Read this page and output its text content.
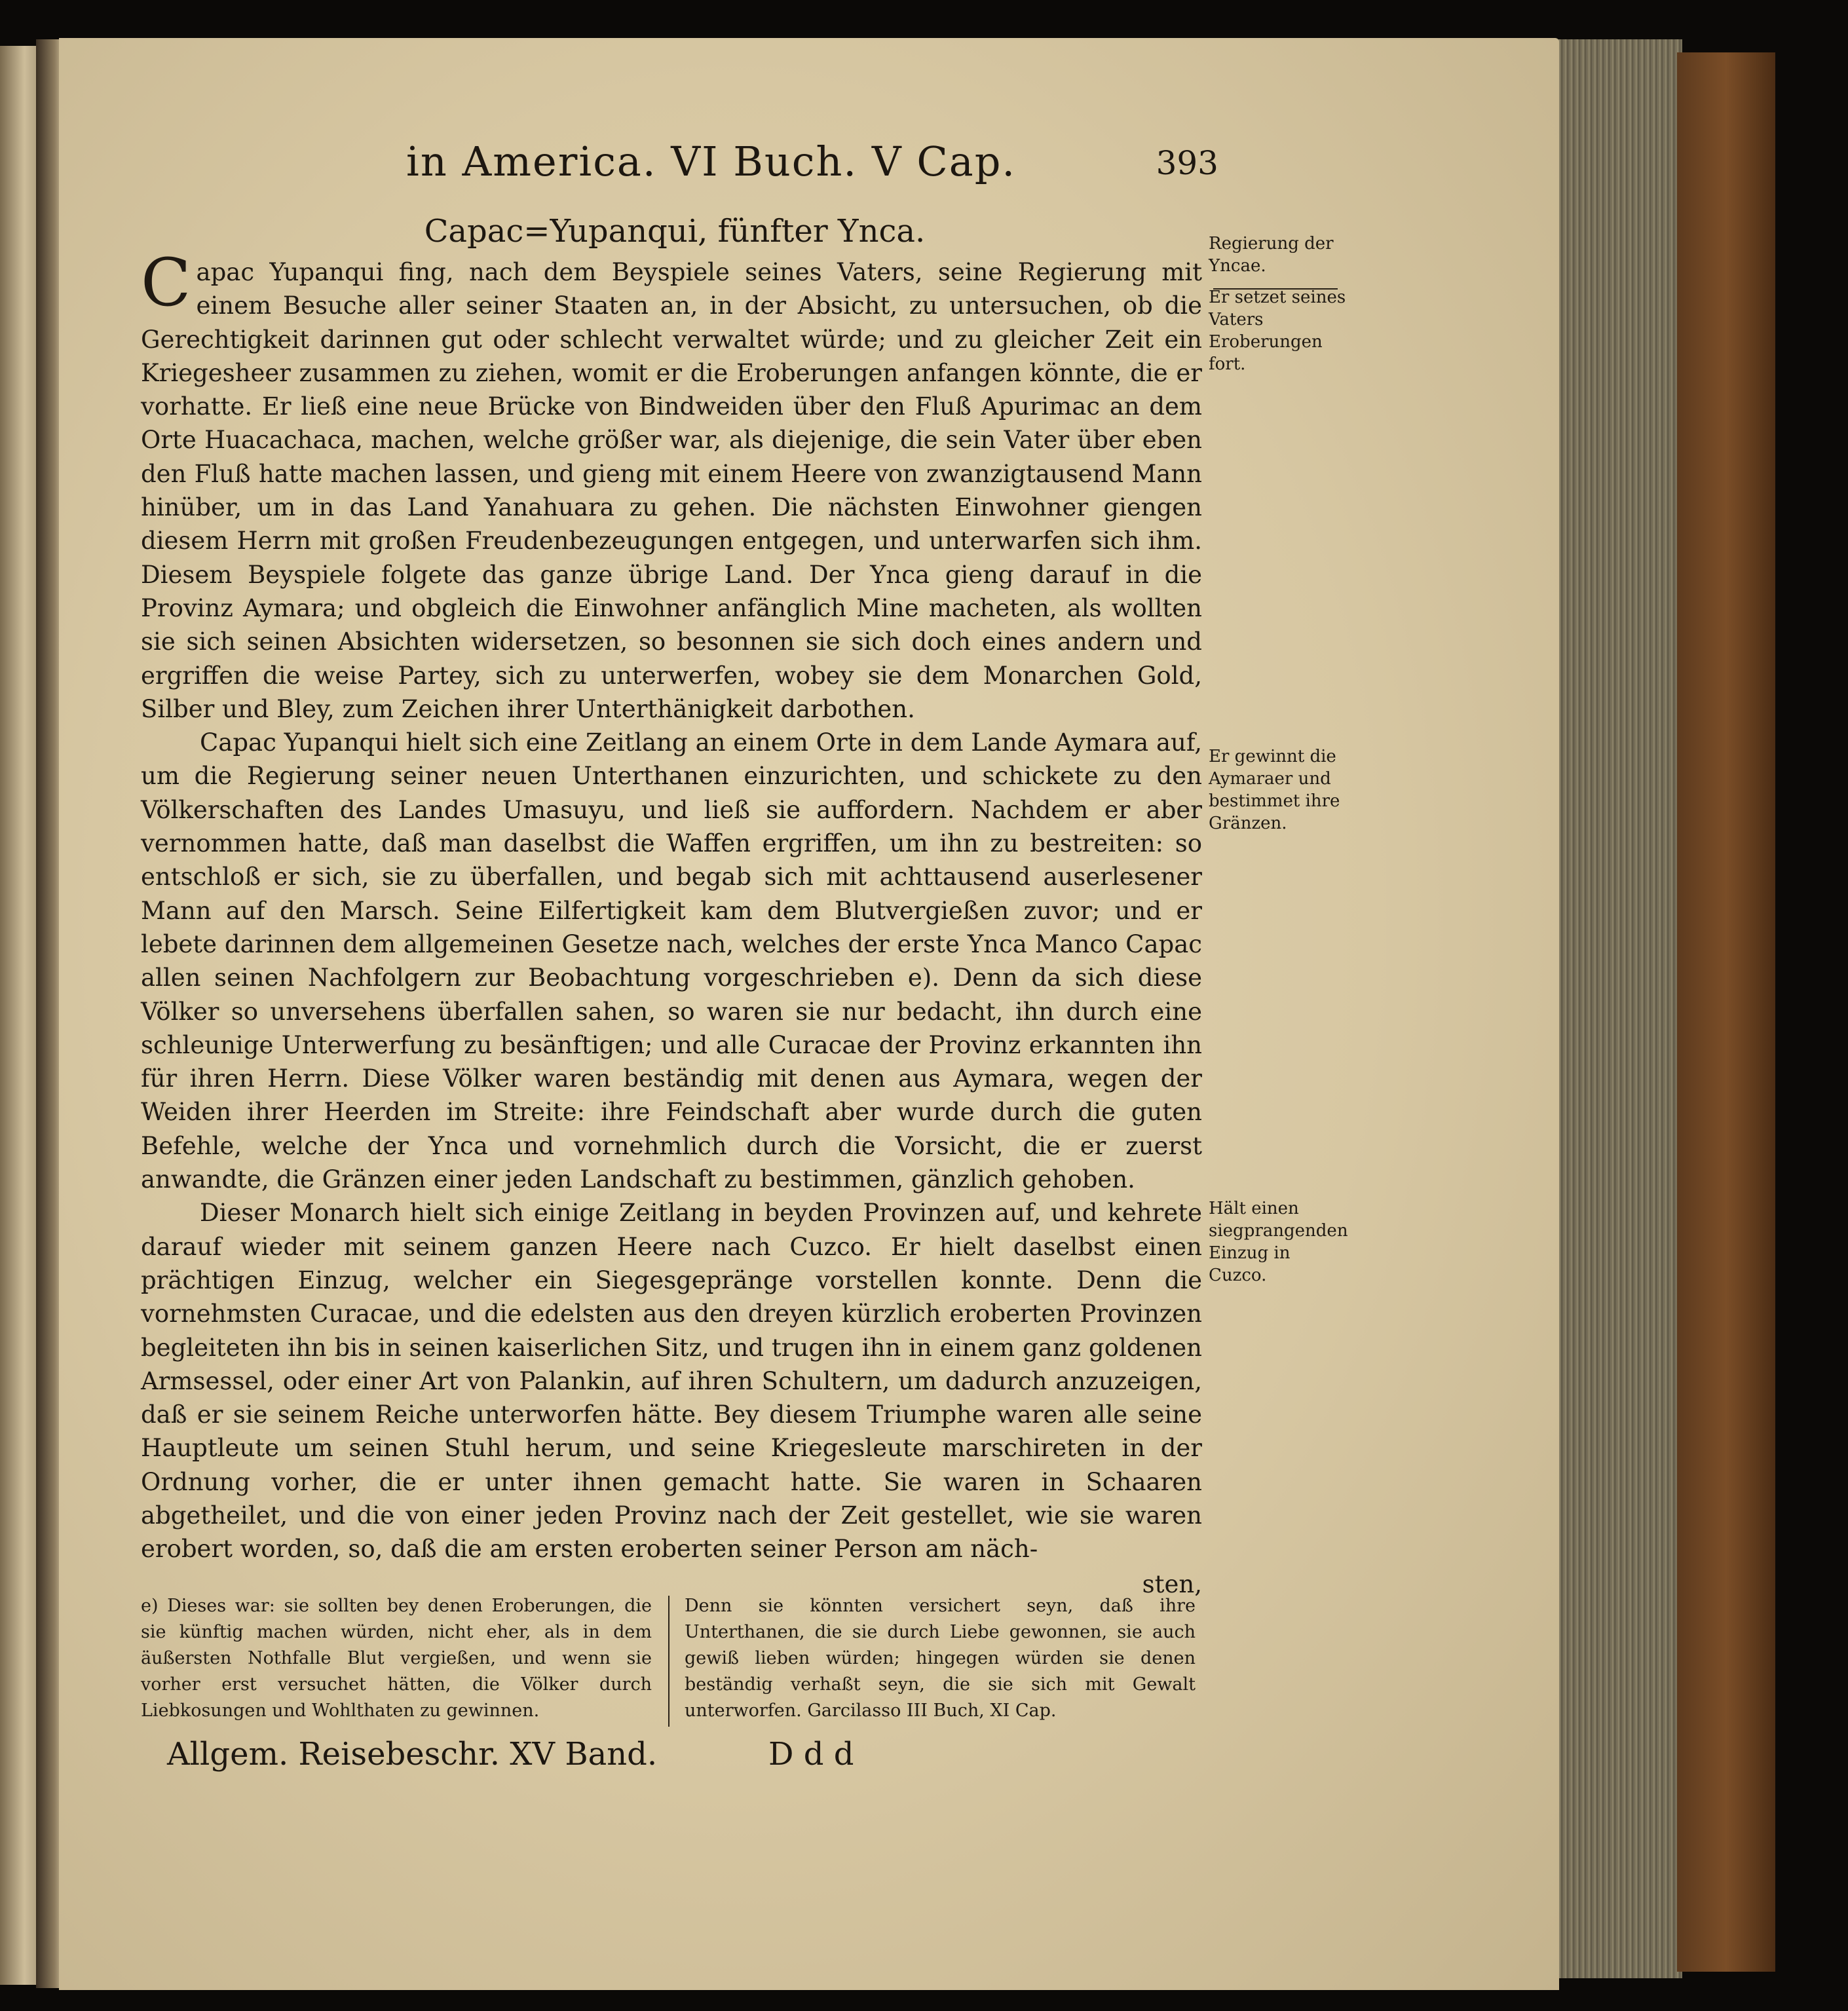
in America. VI Buch. V Cap.	393
Capac=Yupanqui, fünfter Ynca.

Capac Yupanqui fing, nach dem Beyspiele seines Vaters, seine Regierung mit einem Besuche aller seiner Staaten an, in der Absicht, zu untersuchen, ob die Gerechtigkeit darinnen gut oder schlecht verwaltet würde; und zu gleicher Zeit ein Kriegesheer zusammen zu ziehen, womit er die Eroberungen anfangen könnte, die er vorhatte. Er ließ eine neue Brücke von Bindweiden über den Fluß Apurimac an dem Orte Huacachaca, machen, welche größer war, als diejenige, die sein Vater über eben den Fluß hatte machen lassen, und gieng mit einem Heere von zwanzigtausend Mann hinüber, um in das Land Yanahuara zu gehen. Die nächsten Einwohner giengen diesem Herrn mit großen Freudenbezeugungen entgegen, und unterwarfen sich ihm. Diesem Beyspiele folgete das ganze übrige Land. Der Ynca gieng darauf in die Provinz Aymara; und obgleich die Einwohner anfänglich Mine macheten, als wollten sie sich seinen Absichten widersetzen, so besonnen sie sich doch eines andern und ergriffen die weise Partey, sich zu unterwerfen, wobey sie dem Monarchen Gold, Silber und Bley, zum Zeichen ihrer Unterthänigkeit darbothen.

Capac Yupanqui hielt sich eine Zeitlang an einem Orte in dem Lande Aymara auf, um die Regierung seiner neuen Unterthanen einzurichten, und schickete zu den Völkerschaften des Landes Umasuyu, und ließ sie auffordern. Nachdem er aber vernommen hatte, daß man daselbst die Waffen ergriffen, um ihn zu bestreiten: so entschloß er sich, sie zu überfallen, und begab sich mit achttausend auserlesener Mann auf den Marsch. Seine Eilfertigkeit kam dem Blutvergießen zuvor; und er lebete darinnen dem allgemeinen Gesetze nach, welches der erste Ynca Manco Capac allen seinen Nachfolgern zur Beobachtung vorgeschrieben e). Denn da sich diese Völker so unversehens überfallen sahen, so waren sie nur bedacht, ihn durch eine schleunige Unterwerfung zu besänftigen; und alle Curacae der Provinz erkannten ihn für ihren Herrn. Diese Völker waren beständig mit denen aus Aymara, wegen der Weiden ihrer Heerden im Streite: ihre Feindschaft aber wurde durch die guten Befehle, welche der Ynca und vornehmlich durch die Vorsicht, die er zuerst anwandte, die Gränzen einer jeden Landschaft zu bestimmen, gänzlich gehoben.

Dieser Monarch hielt sich einige Zeitlang in beyden Provinzen auf, und kehrete darauf wieder mit seinem ganzen Heere nach Cuzco. Er hielt daselbst einen prächtigen Einzug, welcher ein Siegesgepränge vorstellen konnte. Denn die vornehmsten Curacae, und die edelsten aus den dreyen kürzlich eroberten Provinzen begleiteten ihn bis in seinen kaiserlichen Sitz, und trugen ihn in einem ganz goldenen Armsessel, oder einer Art von Palankin, auf ihren Schultern, um dadurch anzuzeigen, daß er sie seinem Reiche unterworfen hätte. Bey diesem Triumphe waren alle seine Hauptleute um seinen Stuhl herum, und seine Kriegesleute marschireten in der Ordnung vorher, die er unter ihnen gemacht hatte. Sie waren in Schaaren abgetheilet, und die von einer jeden Provinz nach der Zeit gestellet, wie sie waren erobert worden, so, daß die am ersten eroberten seiner Person am näch-

sten,
Regierung der Yncae.
Er setzet seines Vaters Eroberungen fort.
Er gewinnt die Aymaraer und bestimmet ihre Gränzen.
Hält einen siegprangenden Einzug in Cuzco.
e) Dieses war: sie sollten bey denen Eroberungen, die sie künftig machen würden, nicht eher, als in dem äußersten Nothfalle Blut vergießen, und wenn sie vorher erst versuchet hätten, die Völker durch Liebkosungen und Wohlthaten zu gewinnen.
Denn sie könnten versichert seyn, daß ihre Unterthanen, die sie durch Liebe gewonnen, sie auch gewiß lieben würden; hingegen würden sie denen beständig verhaßt seyn, die sie sich mit Gewalt unterworfen. Garcilasso III Buch, XI Cap.
Allgem. Reisebeschr. XV Band.	D d d
